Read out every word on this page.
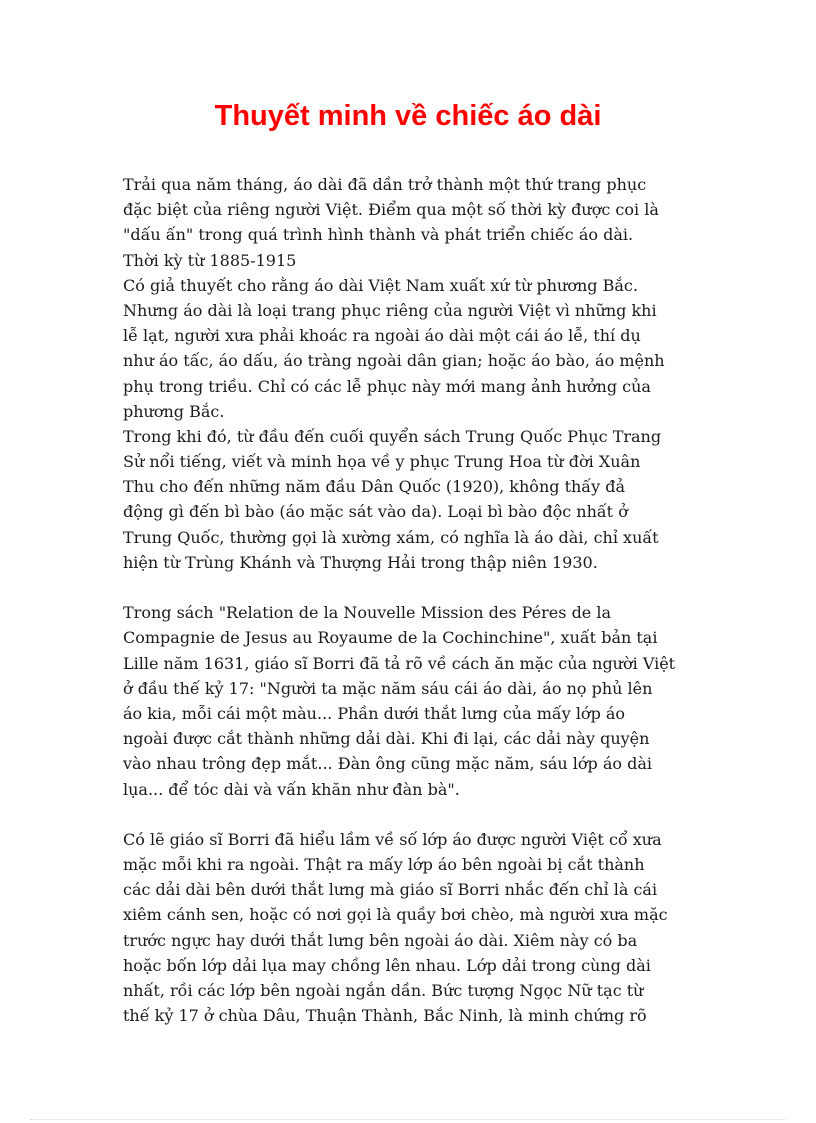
Thuyết minh về chiếc áo dài
Trải qua năm tháng, áo dài đã dần trở thành một thứ trang phục
đặc biệt của riêng người Việt. Điểm qua một số thời kỳ được coi là
"dấu ấn" trong quá trình hình thành và phát triển chiếc áo dài.
Thời kỳ từ 1885-1915
Có giả thuyết cho rằng áo dài Việt Nam xuất xứ từ phương Bắc.
Nhưng áo dài là loại trang phục riêng của người Việt vì những khi
lễ lạt, người xưa phải khoác ra ngoài áo dài một cái áo lễ, thí dụ
như áo tấc, áo dấu, áo tràng ngoài dân gian; hoặc áo bào, áo mệnh
phụ trong triều. Chỉ có các lễ phục này mới mang ảnh hưởng của
phương Bắc.
Trong khi đó, từ đầu đến cuối quyển sách Trung Quốc Phục Trang
Sử nổi tiếng, viết và minh họa về y phục Trung Hoa từ đời Xuân
Thu cho đến những năm đầu Dân Quốc (1920), không thấy đả
động gì đến bì bào (áo mặc sát vào da). Loại bì bào độc nhất ở
Trung Quốc, thường gọi là xường xám, có nghĩa là áo dài, chỉ xuất
hiện từ Trùng Khánh và Thượng Hải trong thập niên 1930.
Trong sách "Relation de la Nouvelle Mission des Péres de la
Compagnie de Jesus au Royaume de la Cochinchine", xuất bản tại
Lille năm 1631, giáo sĩ Borri đã tả rõ về cách ăn mặc của người Việt
ở đầu thế kỷ 17: "Người ta mặc năm sáu cái áo dài, áo nọ phủ lên
áo kia, mỗi cái một màu... Phần dưới thắt lưng của mấy lớp áo
ngoài được cắt thành những dải dài. Khi đi lại, các dải này quyện
vào nhau trông đẹp mắt... Đàn ông cũng mặc năm, sáu lớp áo dài
lụa... để tóc dài và vấn khăn như đàn bà".
Có lẽ giáo sĩ Borri đã hiểu lầm về số lớp áo được người Việt cổ xưa
mặc mỗi khi ra ngoài. Thật ra mấy lớp áo bên ngoài bị cắt thành
các dải dài bên dưới thắt lưng mà giáo sĩ Borri nhắc đến chỉ là cái
xiêm cánh sen, hoặc có nơi gọi là quầy bơi chèo, mà người xưa mặc
trước ngực hay dưới thắt lưng bên ngoài áo dài. Xiêm này có ba
hoặc bốn lớp dải lụa may chồng lên nhau. Lớp dải trong cùng dài
nhất, rồi các lớp bên ngoài ngắn dần. Bức tượng Ngọc Nữ tạc từ
thế kỷ 17 ở chùa Dâu, Thuận Thành, Bắc Ninh, là minh chứng rõ
